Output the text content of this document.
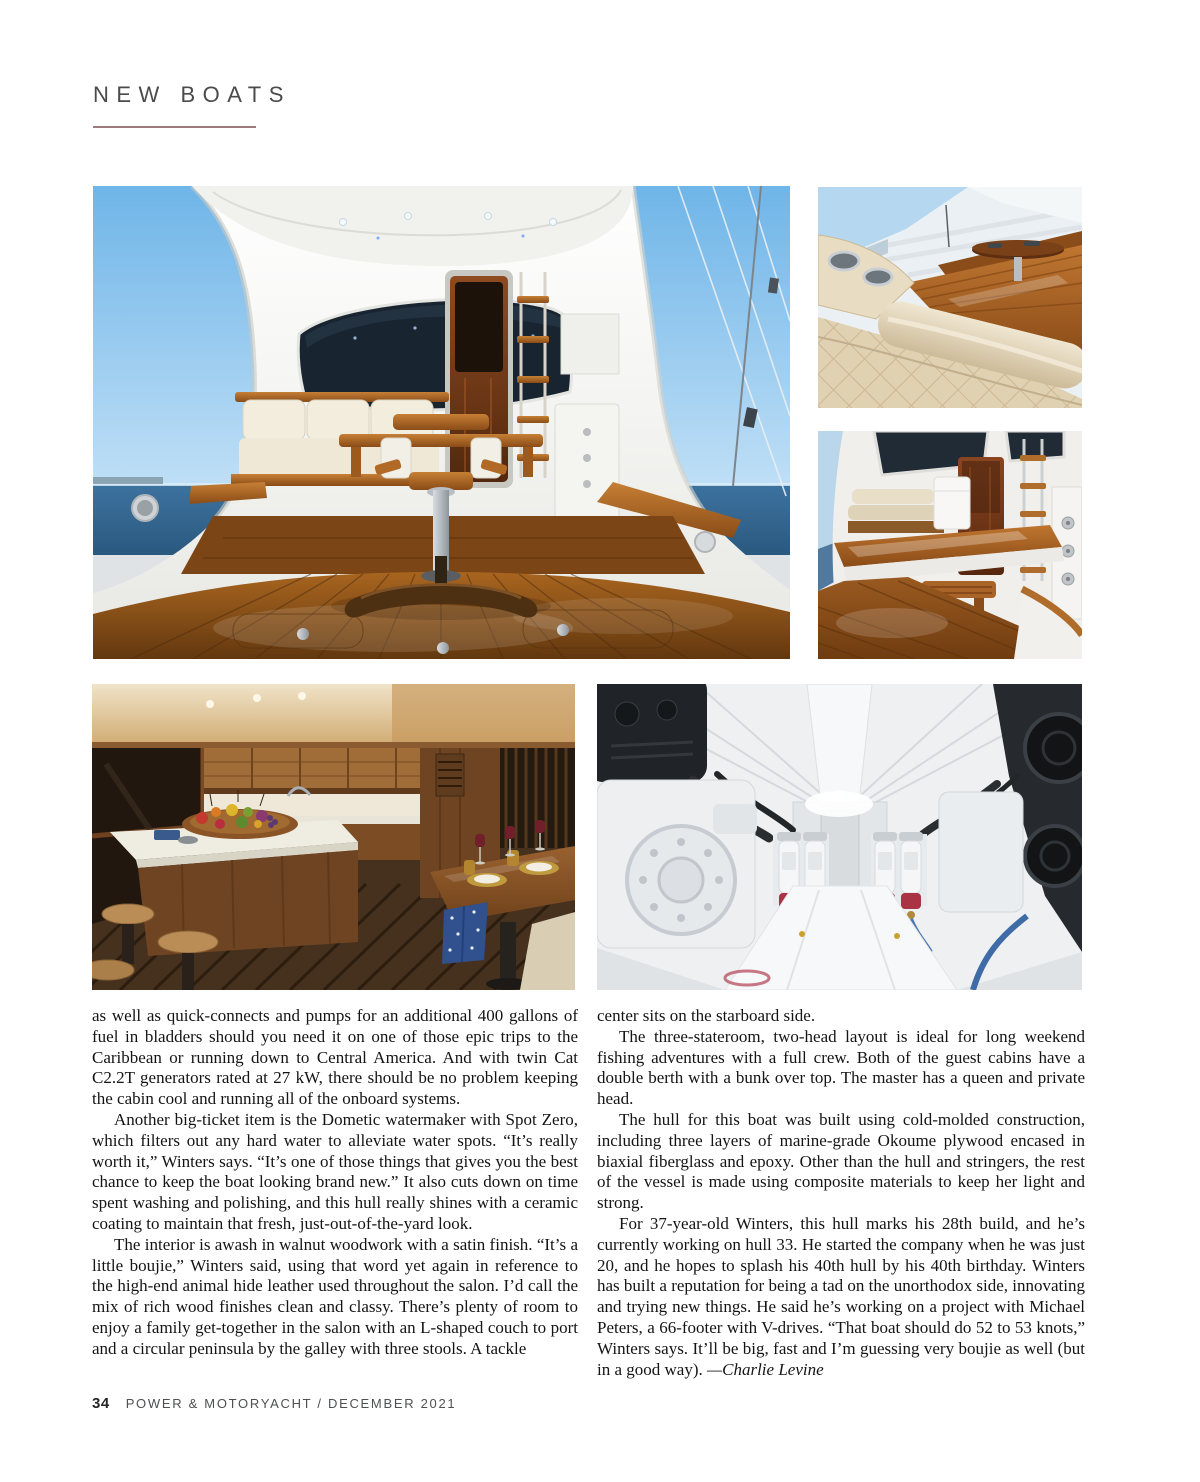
NEW BOATS

as well as quick-connects and pumps for an additional 400 gallons of fuel in bladders should you need it on one of those epic trips to the Caribbean or running down to Central America. And with twin Cat C2.2T generators rated at 27 kW, there should be no problem keeping the cabin cool and running all of the onboard systems.

Another big-ticket item is the Dometic watermaker with Spot Zero, which filters out any hard water to alleviate water spots. “It’s really worth it,” Winters says. “It’s one of those things that gives you the best chance to keep the boat looking brand new.” It also cuts down on time spent washing and polishing, and this hull really shines with a ceramic coating to maintain that fresh, just-out-of-the-yard look.

The interior is awash in walnut woodwork with a satin finish. “It’s a little boujie,” Winters said, using that word yet again in reference to the high-end animal hide leather used throughout the salon. I’d call the mix of rich wood finishes clean and classy. There’s plenty of room to enjoy a family get-together in the salon with an L-shaped couch to port and a circular peninsula by the galley with three stools. A tackle

center sits on the starboard side.

The three-stateroom, two-head layout is ideal for long weekend fishing adventures with a full crew. Both of the guest cabins have a double berth with a bunk over top. The master has a queen and private head.

The hull for this boat was built using cold-molded construction, including three layers of marine-grade Okoume plywood encased in biaxial fiberglass and epoxy. Other than the hull and stringers, the rest of the vessel is made using composite materials to keep her light and strong.

For 37-year-old Winters, this hull marks his 28th build, and he’s currently working on hull 33. He started the company when he was just 20, and he hopes to splash his 40th hull by his 40th birthday. Winters has built a reputation for being a tad on the unorthodox side, innovating and trying new things. He said he’s working on a project with Michael Peters, a 66-footer with V-drives. “That boat should do 52 to 53 knots,” Winters says. It’ll be big, fast and I’m guessing very boujie as well (but in a good way). —Charlie Levine

34 POWER & MOTORYACHT / DECEMBER 2021
